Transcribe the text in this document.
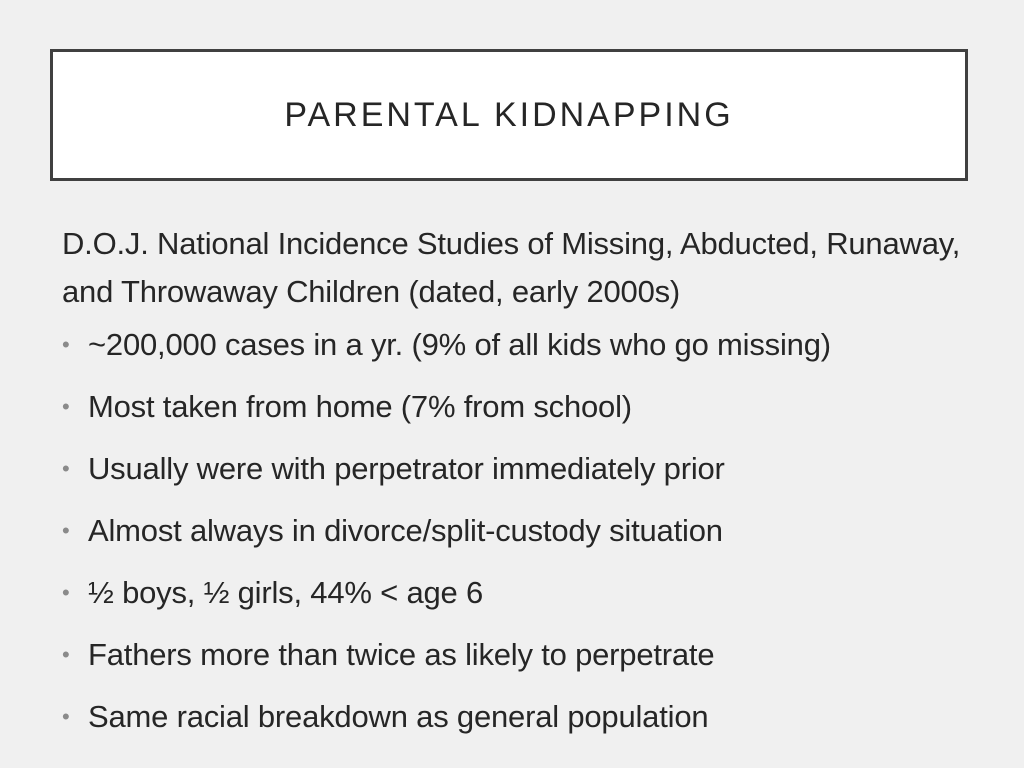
PARENTAL KIDNAPPING

D.O.J. National Incidence Studies of Missing, Abducted, Runaway, and Throwaway Children (dated, early 2000s)

• ~200,000 cases in a yr. (9% of all kids who go missing)
• Most taken from home (7% from school)
• Usually were with perpetrator immediately prior
• Almost always in divorce/split-custody situation
• ½ boys, ½ girls, 44% < age 6
• Fathers more than twice as likely to perpetrate
• Same racial breakdown as general population
